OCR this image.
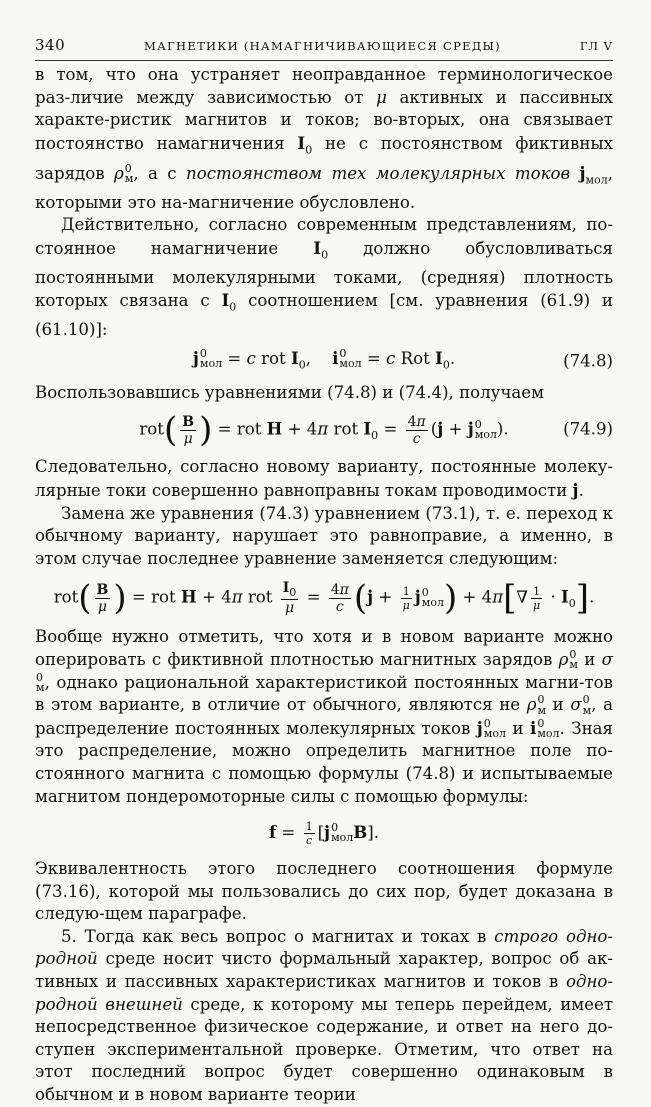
340	МАГНЕТИКИ (НАМАГНИЧИВАЮЩИЕСЯ СРЕДЫ)	ГЛ V

в том, что она устраняет неоправданное терминологическое раз-личие между зависимостью от μ активных и пассивных характе-ристик магнитов и токов; во-вторых, она связывает постоянство намагничения $I_0$ не с постоянством фиктивных зарядов ρ 0
м , а с постоянством тех молекулярных токов $j_{мол}$, которыми это на-магничение обусловлено.

Действительно, согласно современным представлениям, по-стоянное намагничение $I_0$ должно обусловливаться постоянными молекулярными токами, (средняя) плотность которых связана с $I_0$ соотношением [см. уравнения (61.9) и (61.10)]:

j 0
мол = c rot $I_0$,    i 0
мол = c Rot $I_0$.	(74.8)

Воспользовавшись уравнениями (74.8) и (74.4), получаем

$rot( \frac{B}{\mu}$ ) = rot H + 4π rot $I_0 = \frac{4\pi}{c} (j + j$ 0
мол ).	(74.9)

Следовательно, согласно новому варианту, постоянные молеку-лярные токи совершенно равноправны токам проводимости j.

Замена же уравнения (74.3) уравнением (73.1), т. е. переход к обычному варианту, нарушает это равноправие, а именно, в этом случае последнее уравнение заменяется следующим:

$rot( \frac{B}{\mu}$ ) = rot H + 4π rot $\frac{I_0}{\mu} = \frac{4\pi}{c} (j + \frac{1}{\mu}$ j 0
мол ) + $4\pi[\nabla \frac{1}{\mu} \cdot I_0]$.

Вообще нужно отметить, что хотя и в новом варианте можно оперировать с фиктивной плотностью магнитных зарядов ρ 0
м и σ
0
м , однако рациональной характеристикой постоянных магни-тов в этом варианте, в отличие от обычного, являются не ρ 0
м и σ 0
м , а распределение постоянных молекулярных токов j 0
мол и i 0
мол . Зная это распределение, можно определить магнитное поле по-стоянного магнита с помощью формулы (74.8) и испытываемые магнитом пондеромоторные силы с помощью формулы:

$f = \frac{1}{c} [j$ 0
мол B].

Эквивалентность этого последнего соотношения формуле (73.16), которой мы пользовались до сих пор, будет доказана в следую-щем параграфе.

5. Тогда как весь вопрос о магнитах и токах в строго одно-родной среде носит чисто формальный характер, вопрос об ак-тивных и пассивных характеристиках магнитов и токов в одно-родной внешней среде, к которому мы теперь перейдем, имеет непосредственное физическое содержание, и ответ на него до-ступен экспериментальной проверке. Отметим, что ответ на этот последний вопрос будет совершенно одинаковым в обычном и в новом варианте теории
